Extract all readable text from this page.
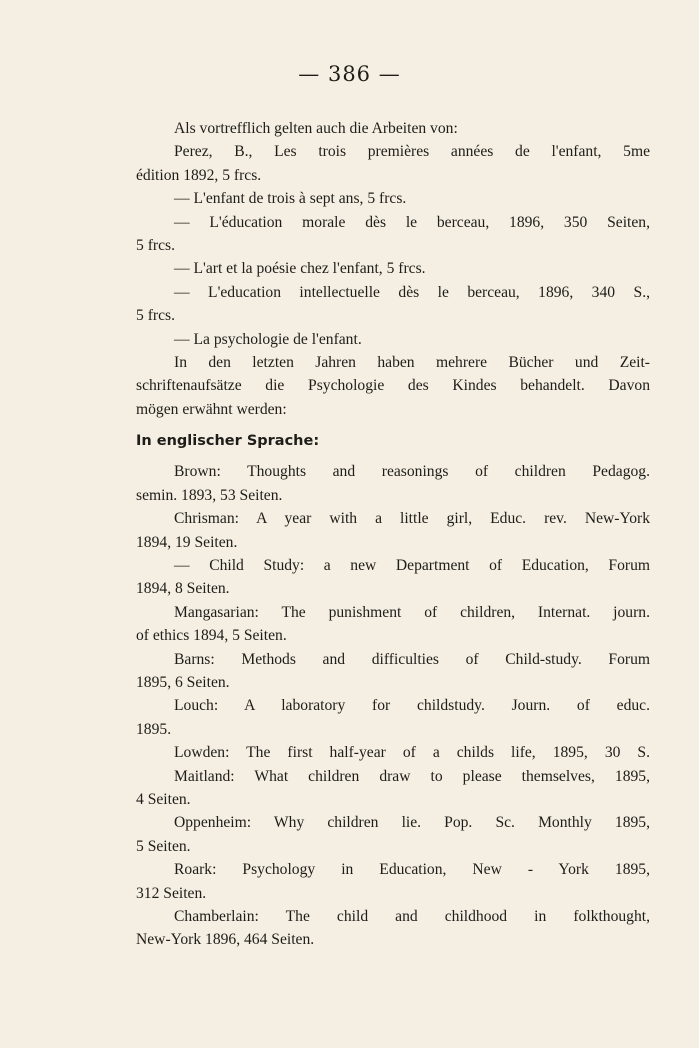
— 386 —
Als vortrefflich gelten auch die Arbeiten von:
Perez, B., Les trois premières années de l'enfant, 5me
édition 1892, 5 frcs.
— L'enfant de trois à sept ans, 5 frcs.
— L'éducation morale dès le berceau, 1896, 350 Seiten,
5 frcs.
— L'art et la poésie chez l'enfant, 5 frcs.
— L'education intellectuelle dès le berceau, 1896, 340 S.,
5 frcs.
— La psychologie de l'enfant.
In den letzten Jahren haben mehrere Bücher und Zeit-
schriftenaufsätze die Psychologie des Kindes behandelt. Davon
mögen erwähnt werden:
In englischer Sprache:
Brown: Thoughts and reasonings of children Pedagog.
semin. 1893, 53 Seiten.
Chrisman: A year with a little girl, Educ. rev. New-York
1894, 19 Seiten.
— Child Study: a new Department of Education, Forum
1894, 8 Seiten.
Mangasarian: The punishment of children, Internat. journ.
of ethics 1894, 5 Seiten.
Barns: Methods and difficulties of Child-study. Forum
1895, 6 Seiten.
Louch: A laboratory for childstudy. Journ. of educ.
1895.
Lowden: The first half-year of a childs life, 1895, 30 S.
Maitland: What children draw to please themselves, 1895,
4 Seiten.
Oppenheim: Why children lie. Pop. Sc. Monthly 1895,
5 Seiten.
Roark: Psychology in Education, New - York 1895,
312 Seiten.
Chamberlain: The child and childhood in folkthought,
New-York 1896, 464 Seiten.
